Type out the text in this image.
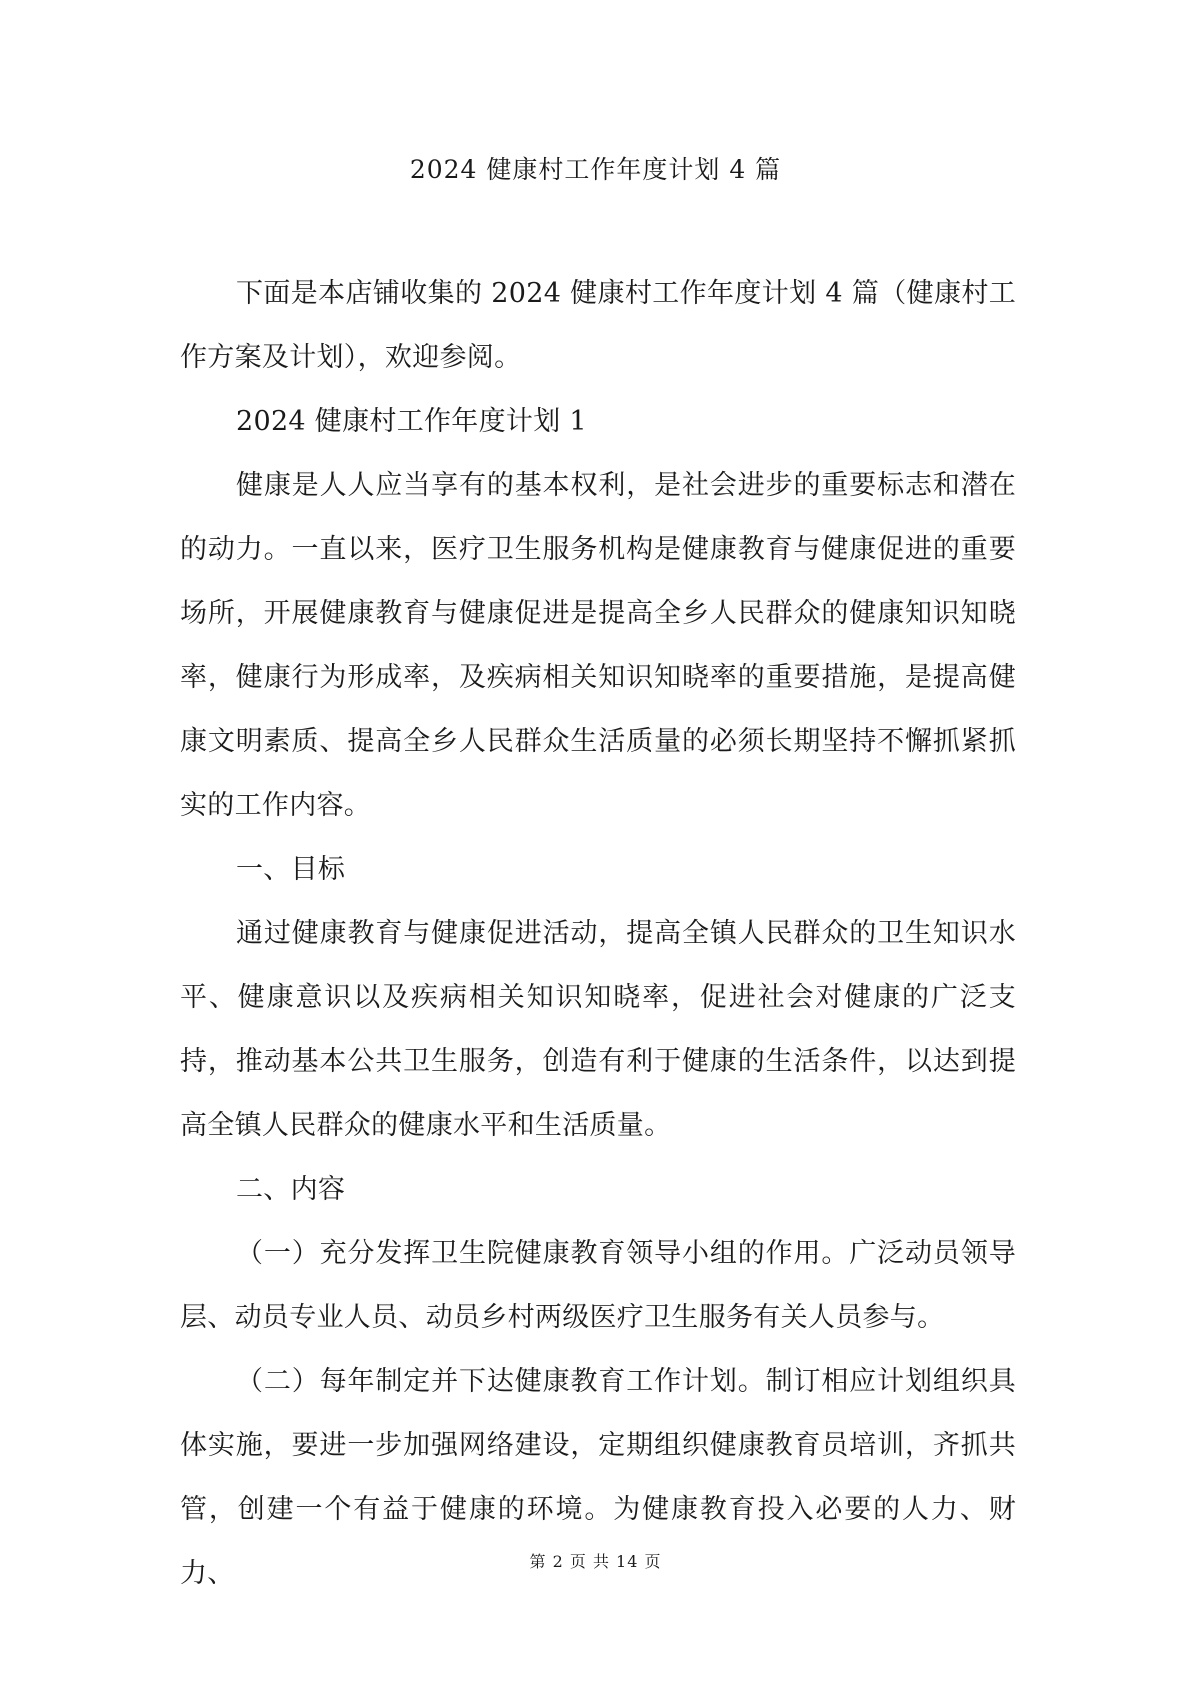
2024 健康村工作年度计划 4 篇

下面是本店铺收集的 2024 健康村工作年度计划 4 篇（健康村工作方案及计划），欢迎参阅。

2024 健康村工作年度计划 1

健康是人人应当享有的基本权利，是社会进步的重要标志和潜在的动力。一直以来，医疗卫生服务机构是健康教育与健康促进的重要场所，开展健康教育与健康促进是提高全乡人民群众的健康知识知晓率，健康行为形成率，及疾病相关知识知晓率的重要措施，是提高健康文明素质、提高全乡人民群众生活质量的必须长期坚持不懈抓紧抓实的工作内容。

一、目标

通过健康教育与健康促进活动，提高全镇人民群众的卫生知识水平、健康意识以及疾病相关知识知晓率，促进社会对健康的广泛支持，推动基本公共卫生服务，创造有利于健康的生活条件，以达到提高全镇人民群众的健康水平和生活质量。

二、内容

（一）充分发挥卫生院健康教育领导小组的作用。广泛动员领导层、动员专业人员、动员乡村两级医疗卫生服务有关人员参与。

（二）每年制定并下达健康教育工作计划。制订相应计划组织具体实施，要进一步加强网络建设，定期组织健康教育员培训，齐抓共管，创建一个有益于健康的环境。为健康教育投入必要的人力、财力、	第 2 页 共 14 页
